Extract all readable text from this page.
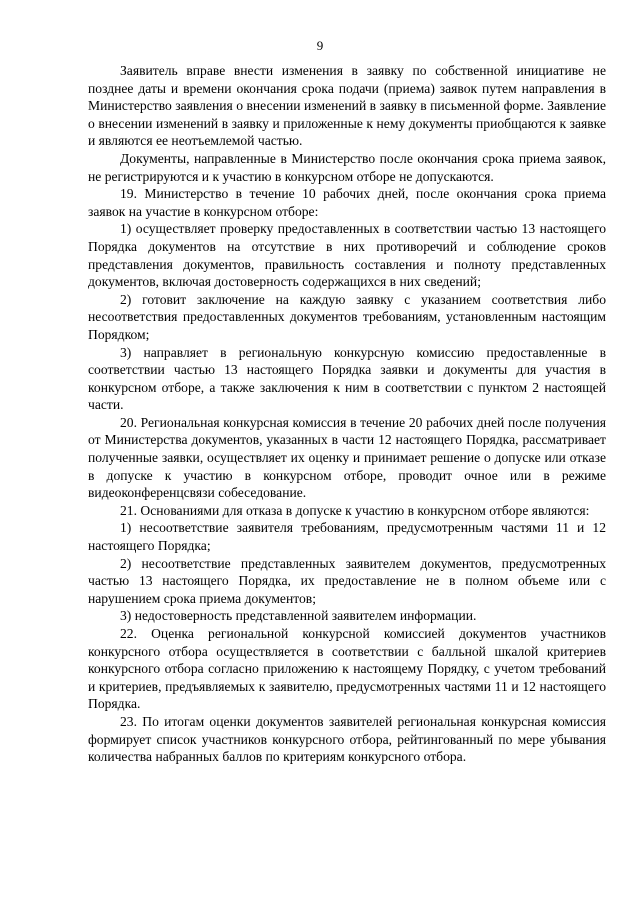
9

Заявитель вправе внести изменения в заявку по собственной инициативе не позднее даты и времени окончания срока подачи (приема) заявок путем направления в Министерство заявления о внесении изменений в заявку в письменной форме. Заявление о внесении изменений в заявку и приложенные к нему документы приобщаются к заявке и являются ее неотъемлемой частью.

Документы, направленные в Министерство после окончания срока приема заявок, не регистрируются и к участию в конкурсном отборе не допускаются.

19. Министерство в течение 10 рабочих дней, после окончания срока приема заявок на участие в конкурсном отборе:

1) осуществляет проверку предоставленных в соответствии частью 13 настоящего Порядка документов на отсутствие в них противоречий и соблюдение сроков представления документов, правильность составления и полноту представленных документов, включая достоверность содержащихся в них сведений;

2) готовит заключение на каждую заявку с указанием соответствия либо несоответствия предоставленных документов требованиям, установленным настоящим Порядком;

3) направляет в региональную конкурсную комиссию предоставленные в соответствии частью 13 настоящего Порядка заявки и документы для участия в конкурсном отборе, а также заключения к ним в соответствии с пунктом 2 настоящей части.

20. Региональная конкурсная комиссия в течение 20 рабочих дней после получения от Министерства документов, указанных в части 12 настоящего Порядка, рассматривает полученные заявки, осуществляет их оценку и принимает решение о допуске или отказе в допуске к участию в конкурсном отборе, проводит очное или в режиме видеоконференцсвязи собеседование.

21. Основаниями для отказа в допуске к участию в конкурсном отборе являются:

1) несоответствие заявителя требованиям, предусмотренным частями 11 и 12 настоящего Порядка;

2) несоответствие представленных заявителем документов, предусмотренных частью 13 настоящего Порядка, их предоставление не в полном объеме или с нарушением срока приема документов;

3) недостоверность представленной заявителем информации.

22. Оценка региональной конкурсной комиссией документов участников конкурсного отбора осуществляется в соответствии с балльной шкалой критериев конкурсного отбора согласно приложению к настоящему Порядку, с учетом требований и критериев, предъявляемых к заявителю, предусмотренных частями 11 и 12 настоящего Порядка.

23. По итогам оценки документов заявителей региональная конкурсная комиссия формирует список участников конкурсного отбора, рейтингованный по мере убывания количества набранных баллов по критериям конкурсного отбора.
